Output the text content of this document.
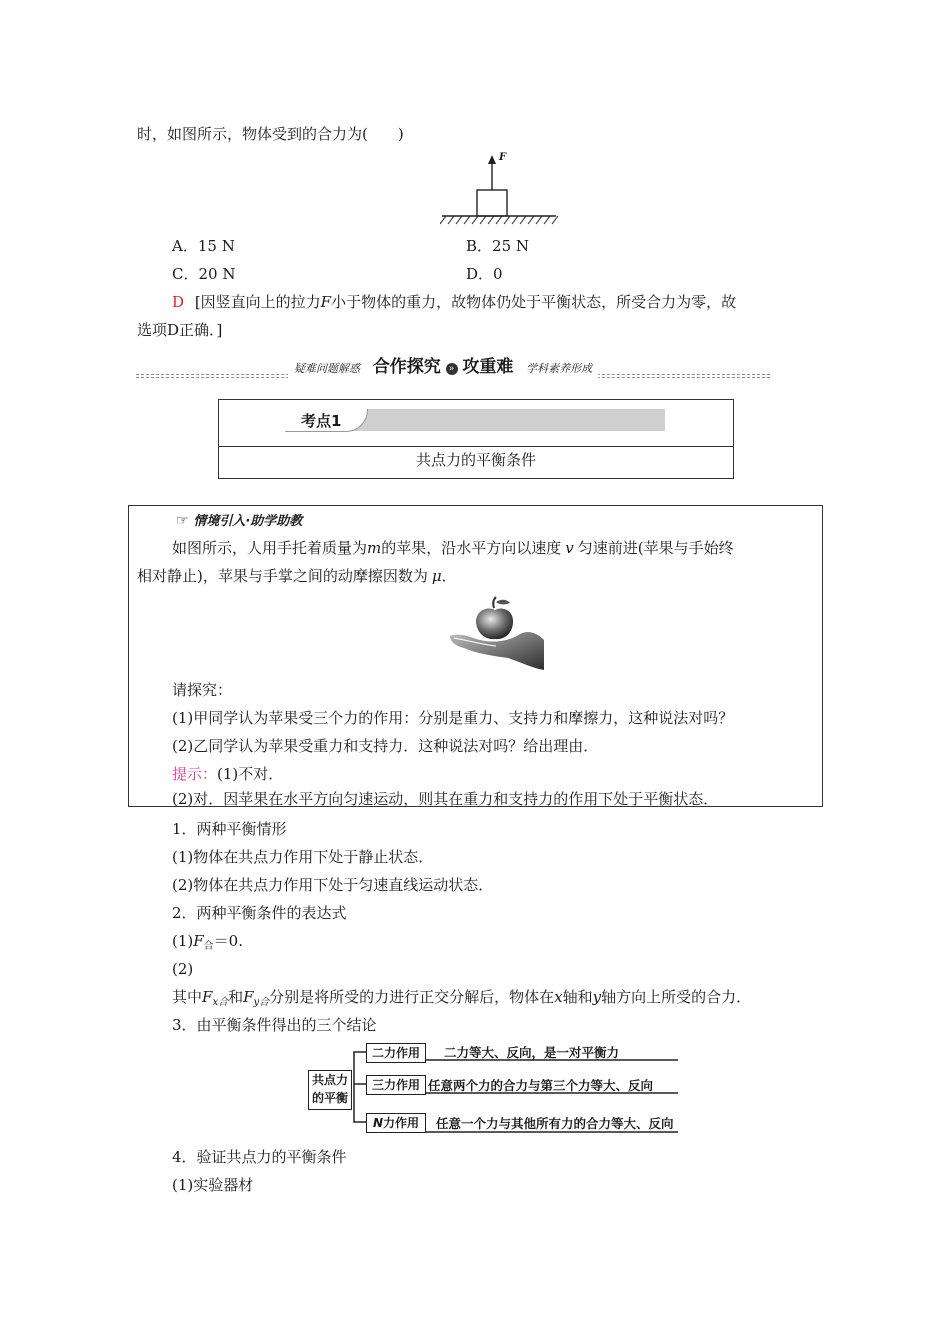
时，如图所示，物体受到的合力为(　　)
F
A．15 N	B．25 N
C．20 N	D．0
D [因竖直向上的拉力F小于物体的重力，故物体仍处于平衡状态，所受合力为零，故
选项D正确．]
疑难问题解惑 合作探究 » 攻重难 学科素养形成
考点1
共点力的平衡条件
☞ 情境引入·助学助教
如图所示，人用手托着质量为m的苹果，沿水平方向以速度 v 匀速前进(苹果与手始终
相对静止)，苹果与手掌之间的动摩擦因数为 μ．
请探究：
(1)甲同学认为苹果受三个力的作用：分别是重力、支持力和摩擦力，这种说法对吗？
(2)乙同学认为苹果受重力和支持力．这种说法对吗？给出理由．
提示：(1)不对．
(2)对．因苹果在水平方向匀速运动，则其在重力和支持力的作用下处于平衡状态．
1．两种平衡情形
(1)物体在共点力作用下处于静止状态．
(2)物体在共点力作用下处于匀速直线运动状态．
2．两种平衡条件的表达式
$(1)F_合=0$.
(2)
其中$F_{x合}$和$F_{y合}$分别是将所受的力进行正交分解后，物体在x轴和y轴方向上所受的合力．
3．由平衡条件得出的三个结论
共点力
的平衡
二力作用	二力等大、反向，是一对平衡力
三力作用 任意两个力的合力与第三个力等大、反向
N力作用	任意一个力与其他所有力的合力等大、反向
4．验证共点力的平衡条件
(1)实验器材
